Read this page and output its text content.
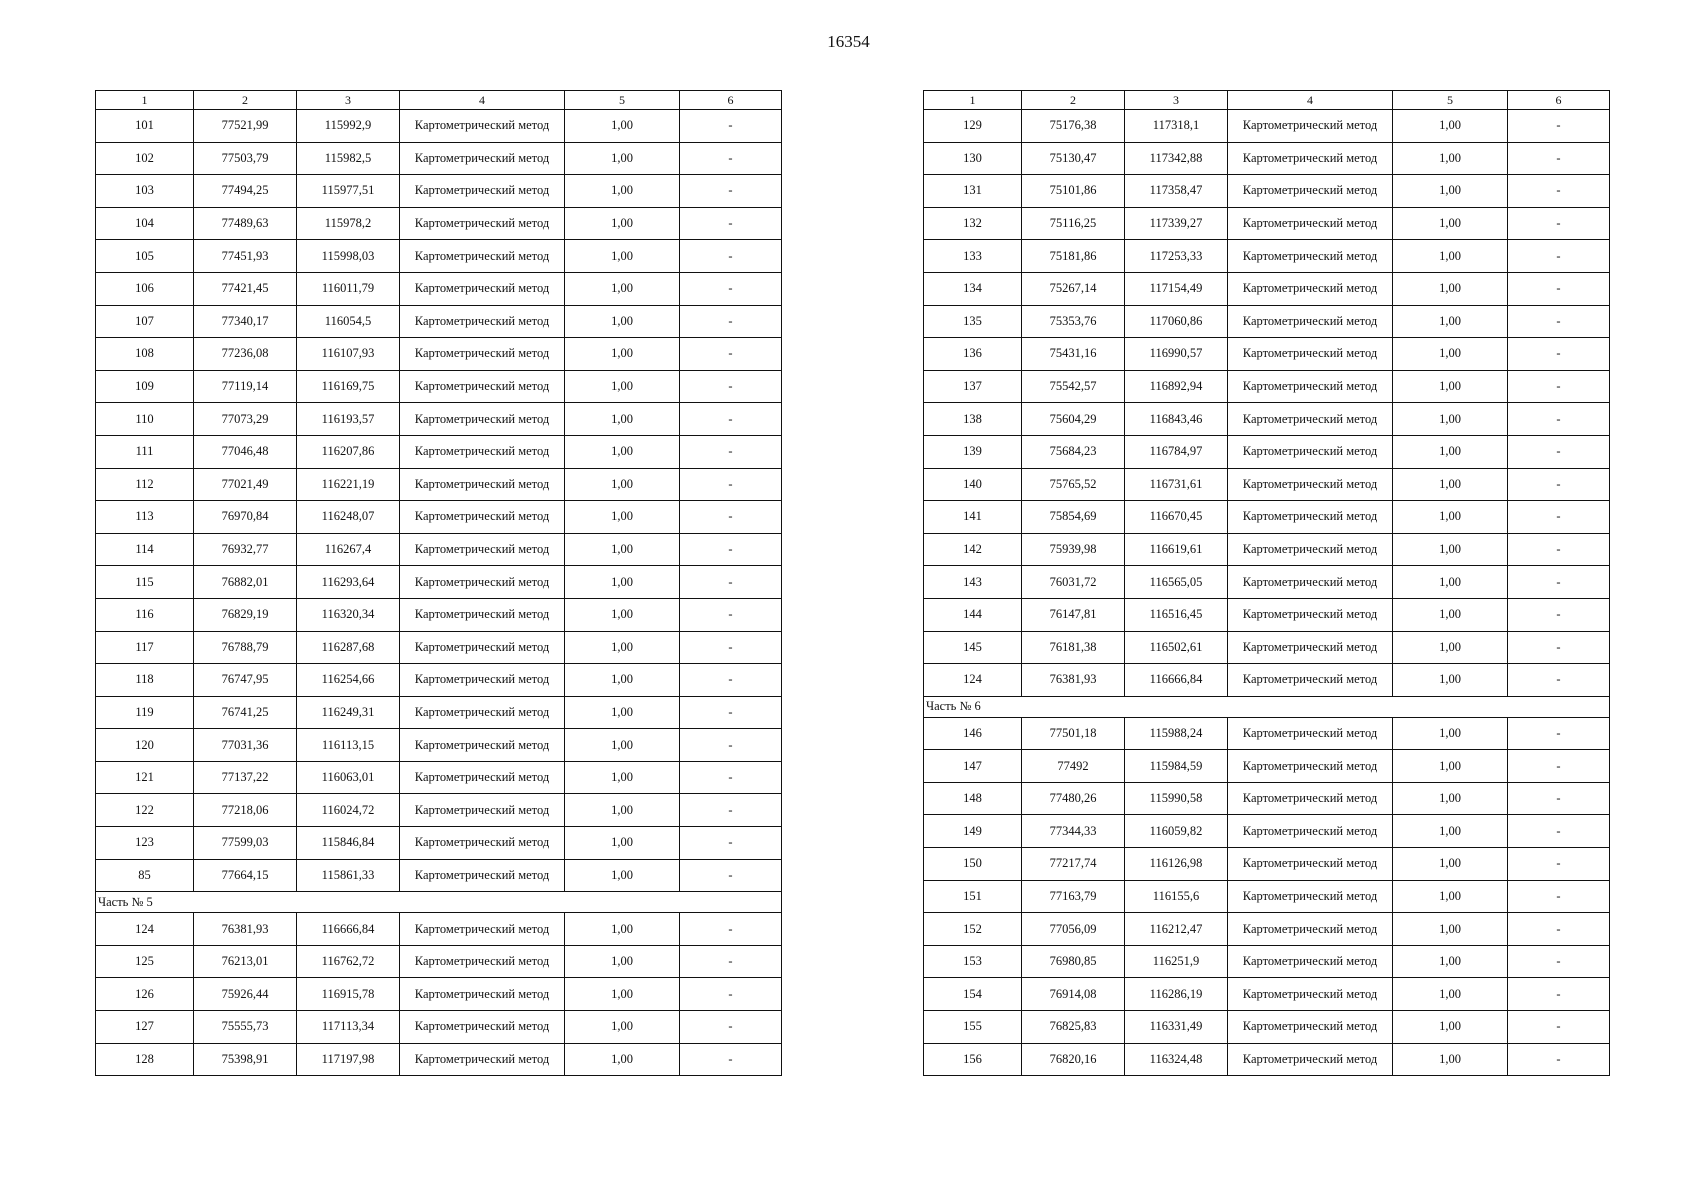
16354
1	2	3	4	5	6
101	77521,99	115992,9	Картометрический метод	1,00	-
102	77503,79	115982,5	Картометрический метод	1,00	-
103	77494,25	115977,51	Картометрический метод	1,00	-
104	77489,63	115978,2	Картометрический метод	1,00	-
105	77451,93	115998,03	Картометрический метод	1,00	-
106	77421,45	116011,79	Картометрический метод	1,00	-
107	77340,17	116054,5	Картометрический метод	1,00	-
108	77236,08	116107,93	Картометрический метод	1,00	-
109	77119,14	116169,75	Картометрический метод	1,00	-
110	77073,29	116193,57	Картометрический метод	1,00	-
111	77046,48	116207,86	Картометрический метод	1,00	-
112	77021,49	116221,19	Картометрический метод	1,00	-
113	76970,84	116248,07	Картометрический метод	1,00	-
114	76932,77	116267,4	Картометрический метод	1,00	-
115	76882,01	116293,64	Картометрический метод	1,00	-
116	76829,19	116320,34	Картометрический метод	1,00	-
117	76788,79	116287,68	Картометрический метод	1,00	-
118	76747,95	116254,66	Картометрический метод	1,00	-
119	76741,25	116249,31	Картометрический метод	1,00	-
120	77031,36	116113,15	Картометрический метод	1,00	-
121	77137,22	116063,01	Картометрический метод	1,00	-
122	77218,06	116024,72	Картометрический метод	1,00	-
123	77599,03	115846,84	Картометрический метод	1,00	-
85	77664,15	115861,33	Картометрический метод	1,00	-
Часть № 5					
124	76381,93	116666,84	Картометрический метод	1,00	-
125	76213,01	116762,72	Картометрический метод	1,00	-
126	75926,44	116915,78	Картометрический метод	1,00	-
127	75555,73	117113,34	Картометрический метод	1,00	-
128	75398,91	117197,98	Картометрический метод	1,00	-
1	2	3	4	5	6
129	75176,38	117318,1	Картометрический метод	1,00	-
130	75130,47	117342,88	Картометрический метод	1,00	-
131	75101,86	117358,47	Картометрический метод	1,00	-
132	75116,25	117339,27	Картометрический метод	1,00	-
133	75181,86	117253,33	Картометрический метод	1,00	-
134	75267,14	117154,49	Картометрический метод	1,00	-
135	75353,76	117060,86	Картометрический метод	1,00	-
136	75431,16	116990,57	Картометрический метод	1,00	-
137	75542,57	116892,94	Картометрический метод	1,00	-
138	75604,29	116843,46	Картометрический метод	1,00	-
139	75684,23	116784,97	Картометрический метод	1,00	-
140	75765,52	116731,61	Картометрический метод	1,00	-
141	75854,69	116670,45	Картометрический метод	1,00	-
142	75939,98	116619,61	Картометрический метод	1,00	-
143	76031,72	116565,05	Картометрический метод	1,00	-
144	76147,81	116516,45	Картометрический метод	1,00	-
145	76181,38	116502,61	Картометрический метод	1,00	-
124	76381,93	116666,84	Картометрический метод	1,00	-
Часть № 6					
146	77501,18	115988,24	Картометрический метод	1,00	-
147	77492	115984,59	Картометрический метод	1,00	-
148	77480,26	115990,58	Картометрический метод	1,00	-
149	77344,33	116059,82	Картометрический метод	1,00	-
150	77217,74	116126,98	Картометрический метод	1,00	-
151	77163,79	116155,6	Картометрический метод	1,00	-
152	77056,09	116212,47	Картометрический метод	1,00	-
153	76980,85	116251,9	Картометрический метод	1,00	-
154	76914,08	116286,19	Картометрический метод	1,00	-
155	76825,83	116331,49	Картометрический метод	1,00	-
156	76820,16	116324,48	Картометрический метод	1,00	-
